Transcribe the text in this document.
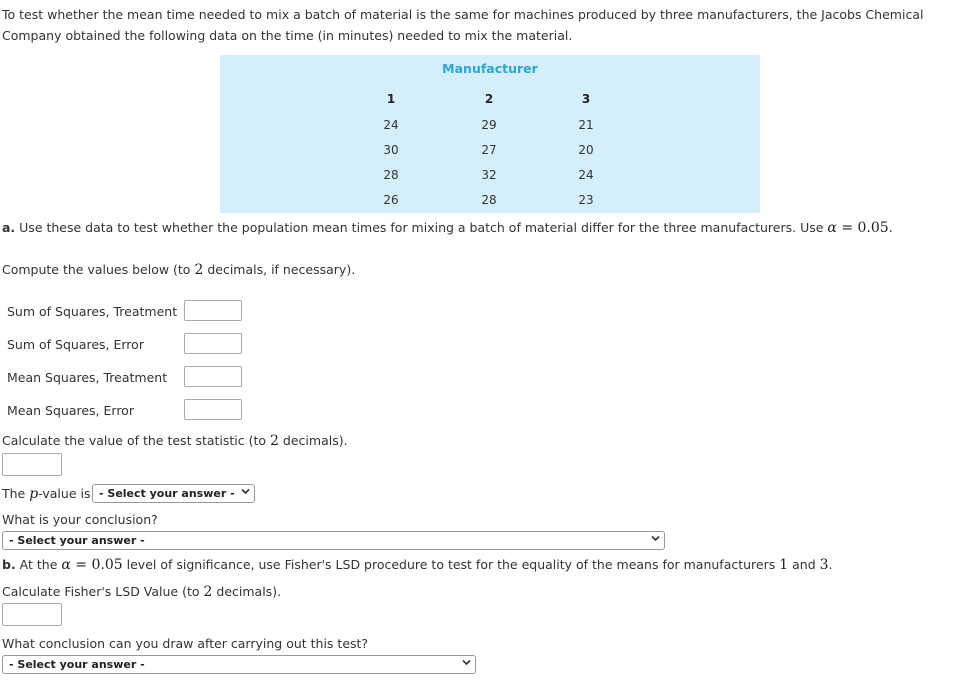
To test whether the mean time needed to mix a batch of material is the same for machines produced by three manufacturers, the Jacobs Chemical Company obtained the following data on the time (in minutes) needed to mix the material.
Manufacturer
1	2	3
24	29	21
30	27	20
28	32	24
26	28	23
a. Use these data to test whether the population mean times for mixing a batch of material differ for the three manufacturers. Use α = 0.05.
Compute the values below (to 2 decimals, if necessary).
Sum of Squares, Treatment
Sum of Squares, Error
Mean Squares, Treatment
Mean Squares, Error
Calculate the value of the test statistic (to 2 decimals).
The p-value is - Select your answer -
What is your conclusion?
- Select your answer -
b. At the α = 0.05 level of significance, use Fisher's LSD procedure to test for the equality of the means for manufacturers 1 and 3.
Calculate Fisher's LSD Value (to 2 decimals).
What conclusion can you draw after carrying out this test?
- Select your answer -
